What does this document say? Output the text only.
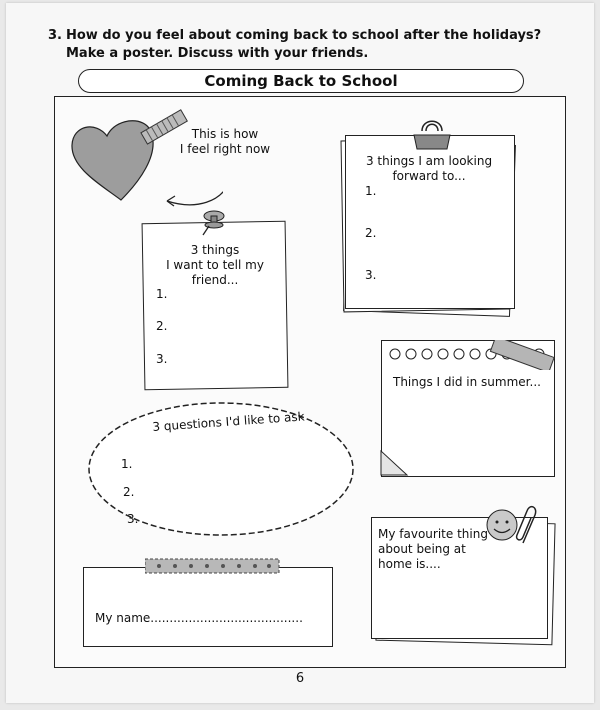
3. How do you feel about coming back to school after the holidays?
Make a poster. Discuss with your friends.
Coming Back to School
This is how
I feel right now
3 things
I want to tell my
friend...
1.
2.
3.
3 things I am looking
forward to...
1.
2.
3.
Things I did in summer...
3 questions I'd like to ask
1.
2.
3.
My favourite thing
about being at
home is....
My name........................................
6
